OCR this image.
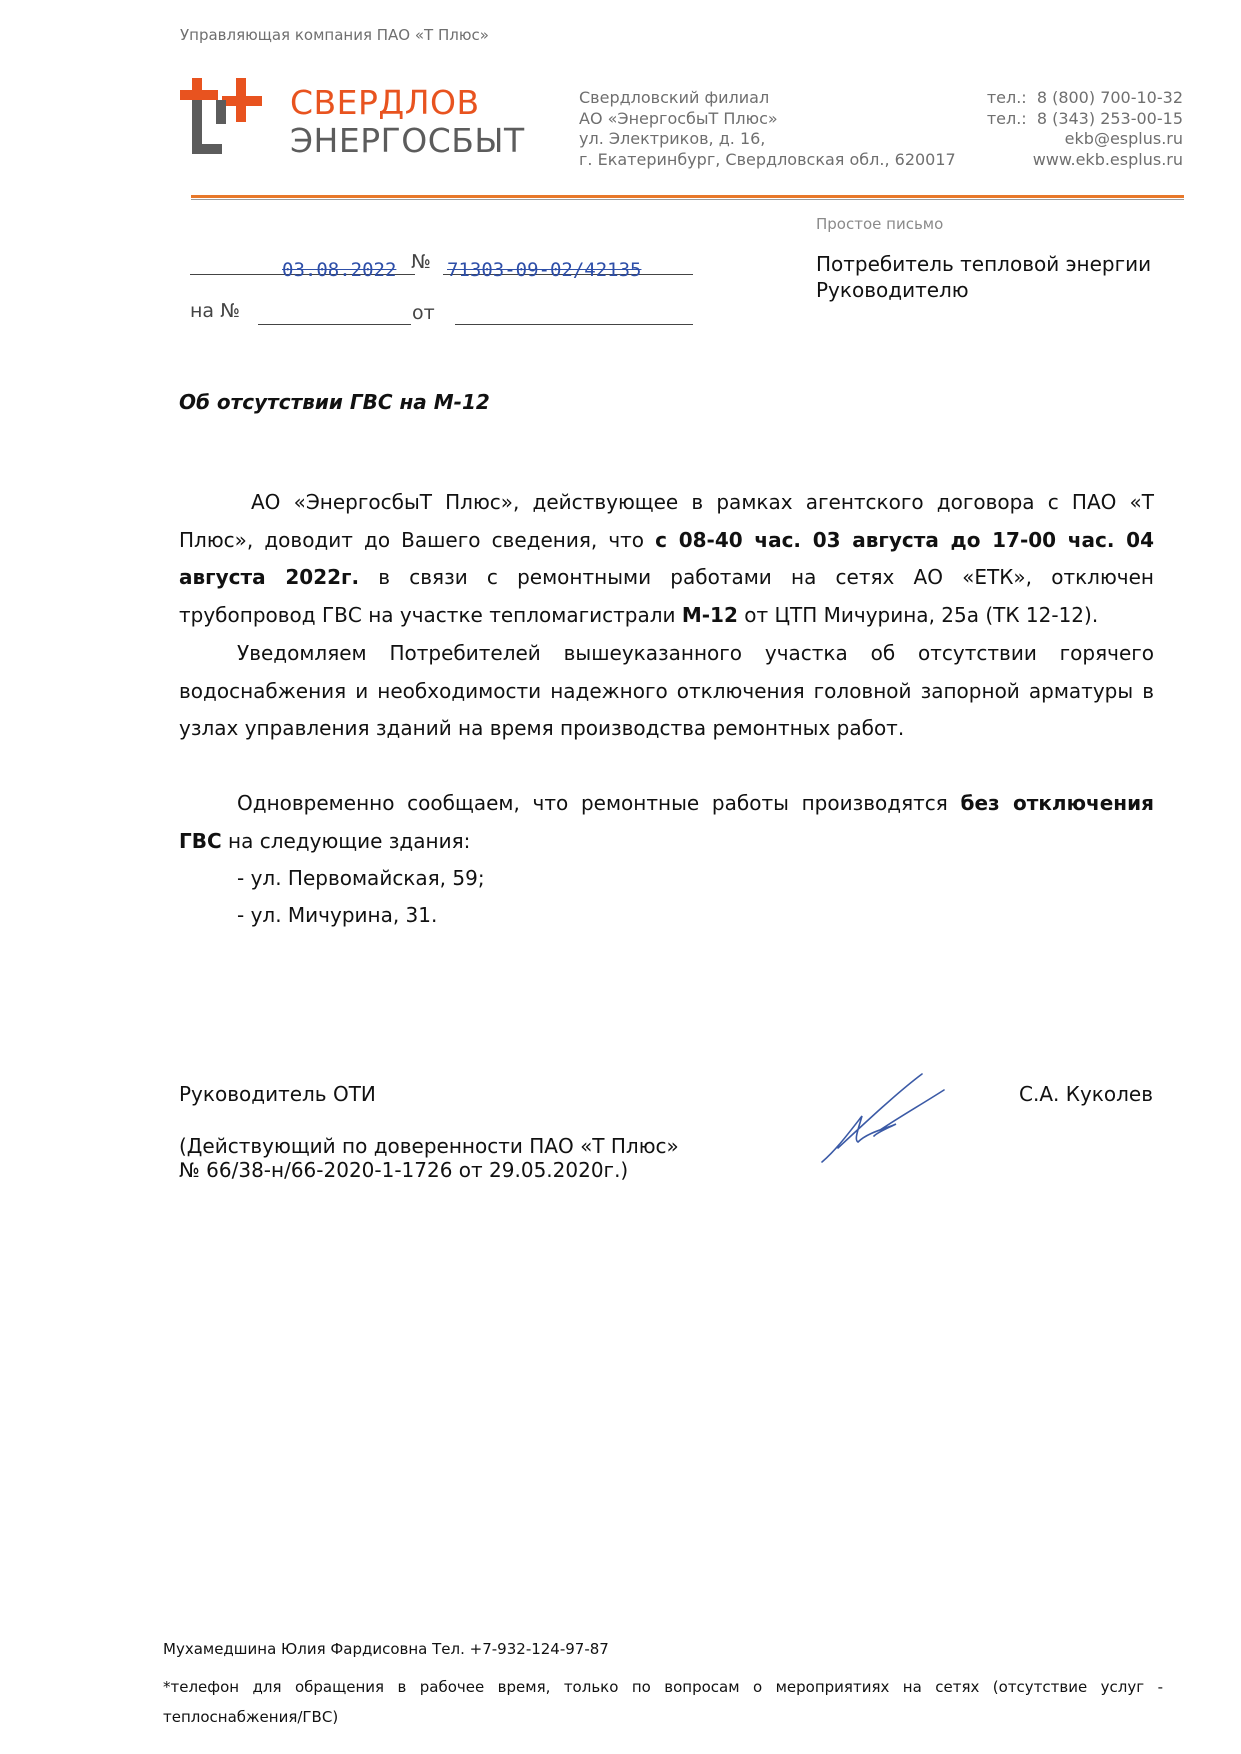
Управляющая компания ПАО «Т Плюс»
СВЕРДЛОВ
ЭНЕРГОСБЫТ
Свердловский филиал
АО «ЭнергосбыТ Плюс»
ул. Электриков, д. 16,
г. Екатеринбург, Свердловская обл., 620017
тел.: 8 (800) 700-10-32
тел.: 8 (343) 253-00-15
ekb@esplus.ru
www.ekb.esplus.ru
Простое письмо
Потребитель тепловой энергии
Руководителю
03.08.2022 № 71303-09-02/42135
на №	от
Об отсутствии ГВС на М-12
АО «ЭнергосбыТ Плюс», действующее в рамках агентского договора с ПАО «Т Плюс», доводит до Вашего сведения, что с 08-40 час. 03 августа до 17-00 час. 04 августа 2022г. в связи с ремонтными работами на сетях АО «ЕТК», отключен трубопровод ГВС на участке тепломагистрали М-12 от ЦТП Мичурина, 25а (ТК 12-12).
Уведомляем Потребителей вышеуказанного участка об отсутствии горячего водоснабжения и необходимости надежного отключения головной запорной арматуры в узлах управления зданий на время производства ремонтных работ.
Одновременно сообщаем, что ремонтные работы производятся без отключения ГВС на следующие здания:
- ул. Первомайская, 59;
- ул. Мичурина, 31.
Руководитель ОТИ	С.А. Куколев
(Действующий по доверенности ПАО «Т Плюс»
№ 66/38-н/66-2020-1-1726 от 29.05.2020г.)
Мухамедшина Юлия Фардисовна Тел. +7-932-124-97-87
*телефон для обращения в рабочее время, только по вопросам о мероприятиях на сетях (отсутствие услуг - теплоснабжения/ГВС)
